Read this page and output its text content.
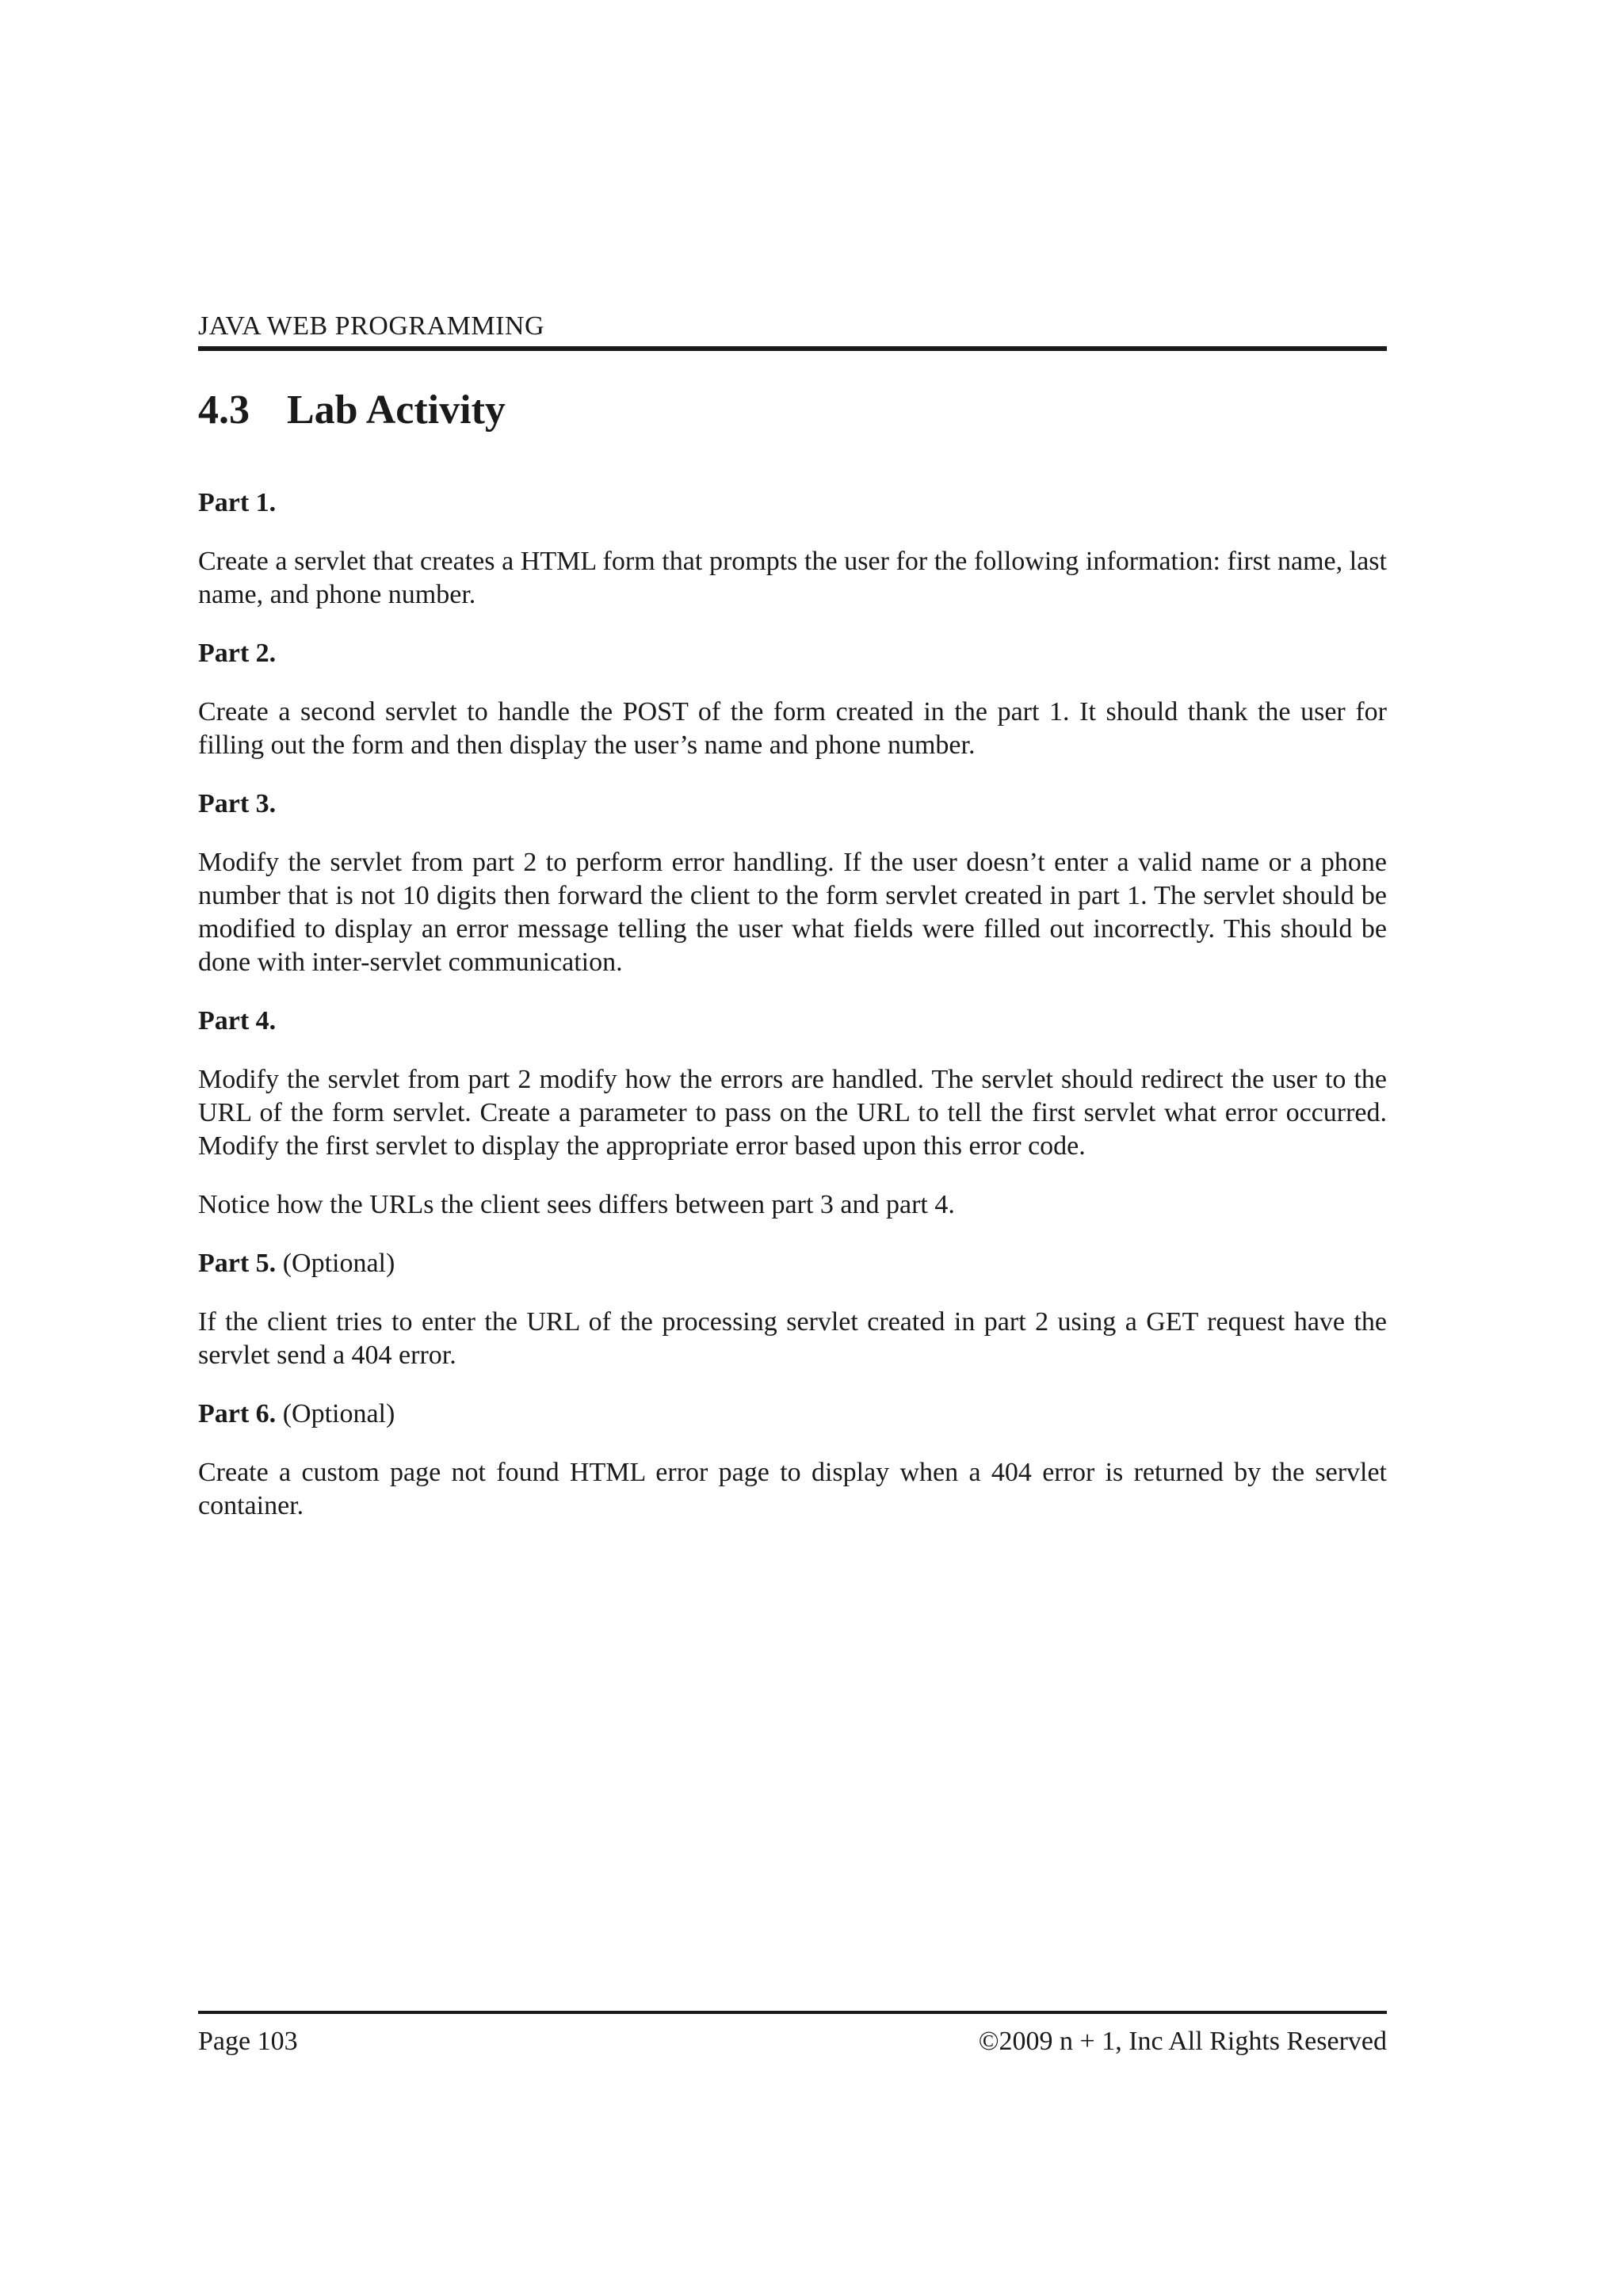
JAVA WEB PROGRAMMING
4.3 Lab Activity
Part 1.

Create a servlet that creates a HTML form that prompts the user for the following information: first name, last name, and phone number.

Part 2.

Create a second servlet to handle the POST of the form created in the part 1. It should thank the user for filling out the form and then display the user’s name and phone number.

Part 3.

Modify the servlet from part 2 to perform error handling. If the user doesn’t enter a valid name or a phone number that is not 10 digits then forward the client to the form servlet created in part 1. The servlet should be modified to display an error message telling the user what fields were filled out incorrectly. This should be done with inter-servlet communication.

Part 4.

Modify the servlet from part 2 modify how the errors are handled. The servlet should redirect the user to the URL of the form servlet. Create a parameter to pass on the URL to tell the first servlet what error occurred. Modify the first servlet to display the appropriate error based upon this error code.

Notice how the URLs the client sees differs between part 3 and part 4.

Part 5. (Optional)

If the client tries to enter the URL of the processing servlet created in part 2 using a GET request have the servlet send a 404 error.

Part 6. (Optional)

Create a custom page not found HTML error page to display when a 404 error is returned by the servlet container.

Page 103	©2009 n + 1, Inc All Rights Reserved
